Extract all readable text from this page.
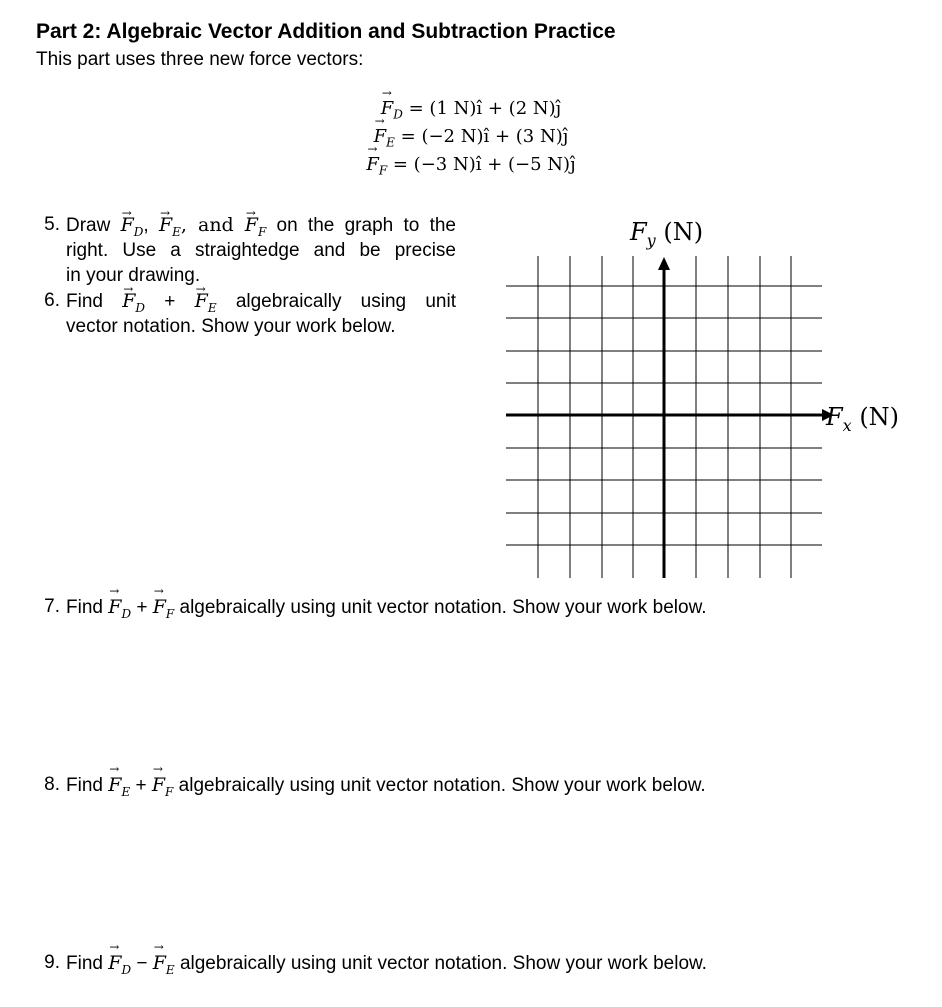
Part 2: Algebraic Vector Addition and Subtraction Practice
This part uses three new force vectors:
→ $F_D = (1$ N)î + (2 N)ĵ
→ $F_E = (-2$ N)î + (3 N)ĵ
→ $F_F = (-3$ N)î + (−5 N)ĵ
5. Draw → $F_D$, → $F_E$, and → $F_F$ on the graph to the
right. Use a straightedge and be precise
in your drawing.
6. Find → $F_D$ + → $F_E$ algebraically using unit
vector notation. Show your work below.
$F_x$ (N)
$F_y$ (N)
7. Find → $F_D$ + → $F_F$ algebraically using unit vector notation. Show your work below.
8. Find → $F_E$ + → $F_F$ algebraically using unit vector notation. Show your work below.
9. Find → $F_D$ − → $F_E$ algebraically using unit vector notation. Show your work below.
